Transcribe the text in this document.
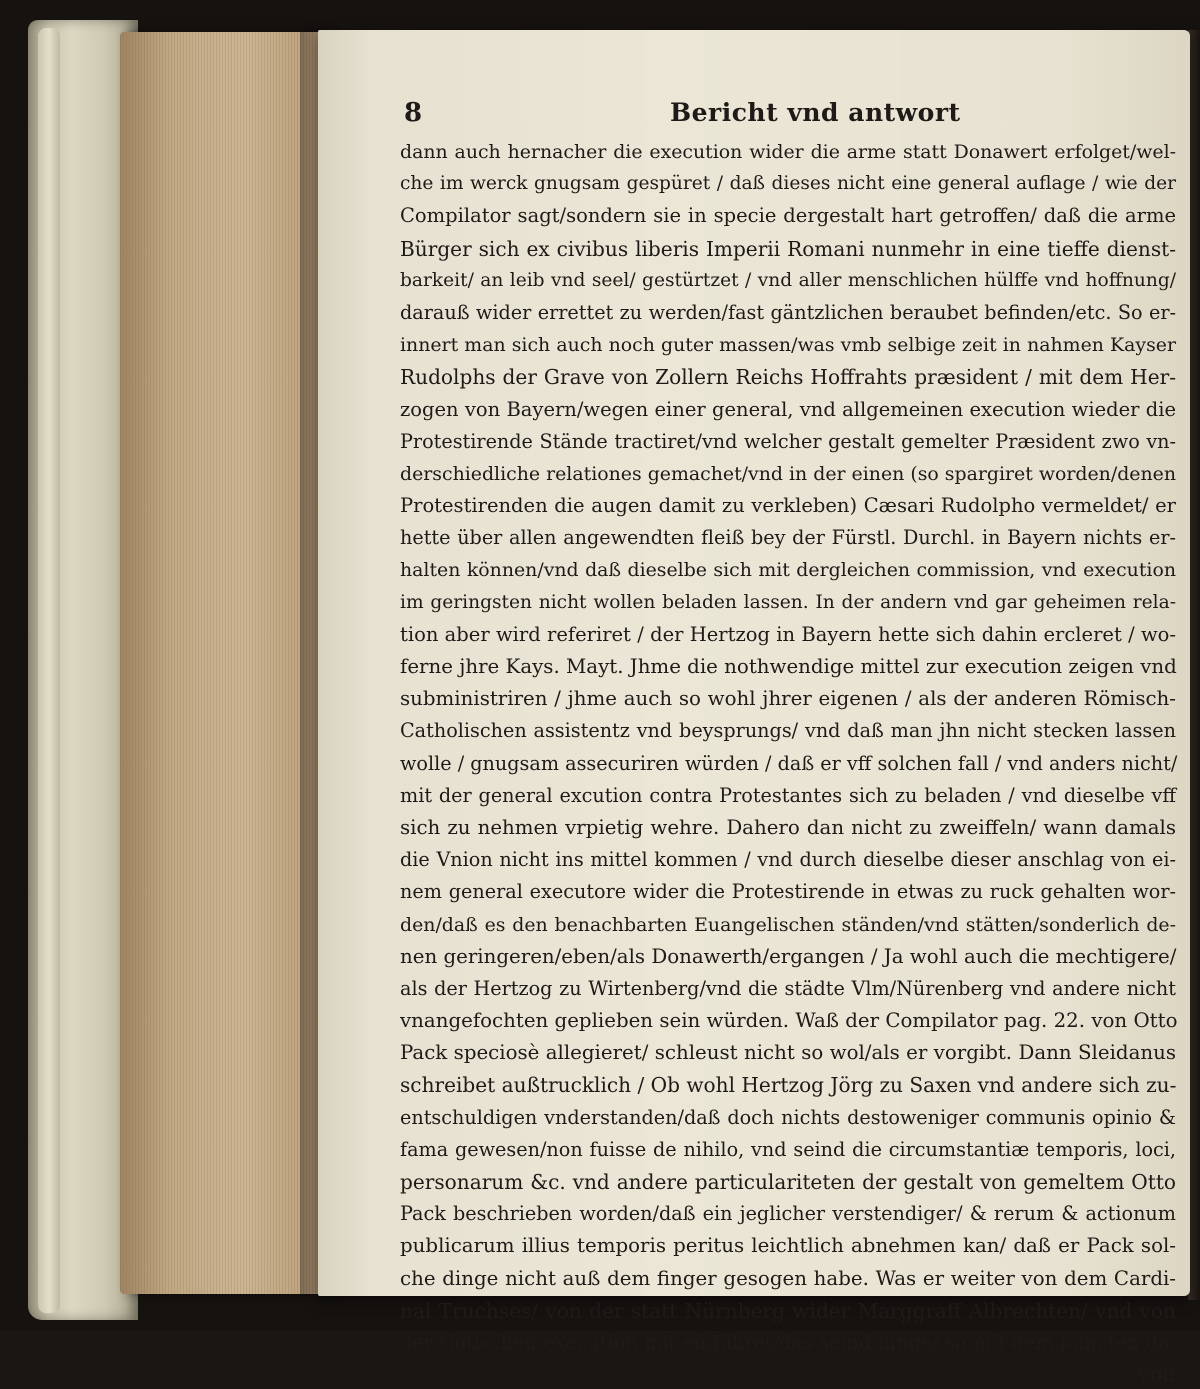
8	Bericht vnd antwort
dann auch hernacher die execution wider die arme statt Donawert erfolget/wel-
che im werck gnugsam gespüret / daß dieses nicht eine general auflage / wie der
Compilator sagt/sondern sie in specie dergestalt hart getroffen/ daß die arme
Bürger sich ex civibus liberis Imperii Romani nunmehr in eine tieffe dienst-
barkeit/ an leib vnd seel/ gestürtzet / vnd aller menschlichen hülffe vnd hoffnung/
darauß wider errettet zu werden/fast gäntzlichen beraubet befinden/etc. So er-
innert man sich auch noch guter massen/was vmb selbige zeit in nahmen Kayser
Rudolphs der Grave von Zollern Reichs Hoffrahts præsident / mit dem Her-
zogen von Bayern/wegen einer general, vnd allgemeinen execution wieder die
Protestirende Stände tractiret/vnd welcher gestalt gemelter Præsident zwo vn-
derschiedliche relationes gemachet/vnd in der einen (so spargiret worden/denen
Protestirenden die augen damit zu verkleben) Cæsari Rudolpho vermeldet/ er
hette über allen angewendten fleiß bey der Fürstl. Durchl. in Bayern nichts er-
halten können/vnd daß dieselbe sich mit dergleichen commission, vnd execution
im geringsten nicht wollen beladen lassen. In der andern vnd gar geheimen rela-
tion aber wird referiret / der Hertzog in Bayern hette sich dahin ercleret / wo-
ferne jhre Kays. Mayt. Jhme die nothwendige mittel zur execution zeigen vnd
subministriren / jhme auch so wohl jhrer eigenen / als der anderen Römisch-
Catholischen assistentz vnd beysprungs/ vnd daß man jhn nicht stecken lassen
wolle / gnugsam assecuriren würden / daß er vff solchen fall / vnd anders nicht/
mit der general excution contra Protestantes sich zu beladen / vnd dieselbe vff
sich zu nehmen vrpietig wehre. Dahero dan nicht zu zweiffeln/ wann damals
die Vnion nicht ins mittel kommen / vnd durch dieselbe dieser anschlag von ei-
nem general executore wider die Protestirende in etwas zu ruck gehalten wor-
den/daß es den benachbarten Euangelischen ständen/vnd stätten/sonderlich de-
nen geringeren/eben/als Donawerth/ergangen / Ja wohl auch die mechtigere/
als der Hertzog zu Wirtenberg/vnd die städte Vlm/Nürenberg vnd andere nicht
vnangefochten geplieben sein würden. Waß der Compilator pag. 22. von Otto
Pack speciosè allegieret/ schleust nicht so wol/als er vorgibt. Dann Sleidanus
schreibet außtrucklich / Ob wohl Hertzog Jörg zu Saxen vnd andere sich zu-
entschuldigen vnderstanden/daß doch nichts destoweniger communis opinio &
fama gewesen/non fuisse de nihilo, vnd seind die circumstantiæ temporis, loci,
personarum &c. vnd andere particulariteten der gestalt von gemeltem Otto
Pack beschrieben worden/daß ein jeglicher verstendiger/ & rerum & actionum
publicarum illius temporis peritus leichtlich abnehmen kan/ daß er Pack sol-
che dinge nicht auß dem finger gesogen habe. Was er weiter von dem Cardi-
nal Truchses/ von der statt Nürnberg wider Marggraff Albrechten/ vnd von
der Gotischen execution mit einführet/das seind dinge/ so mit dem puncten da-
von
